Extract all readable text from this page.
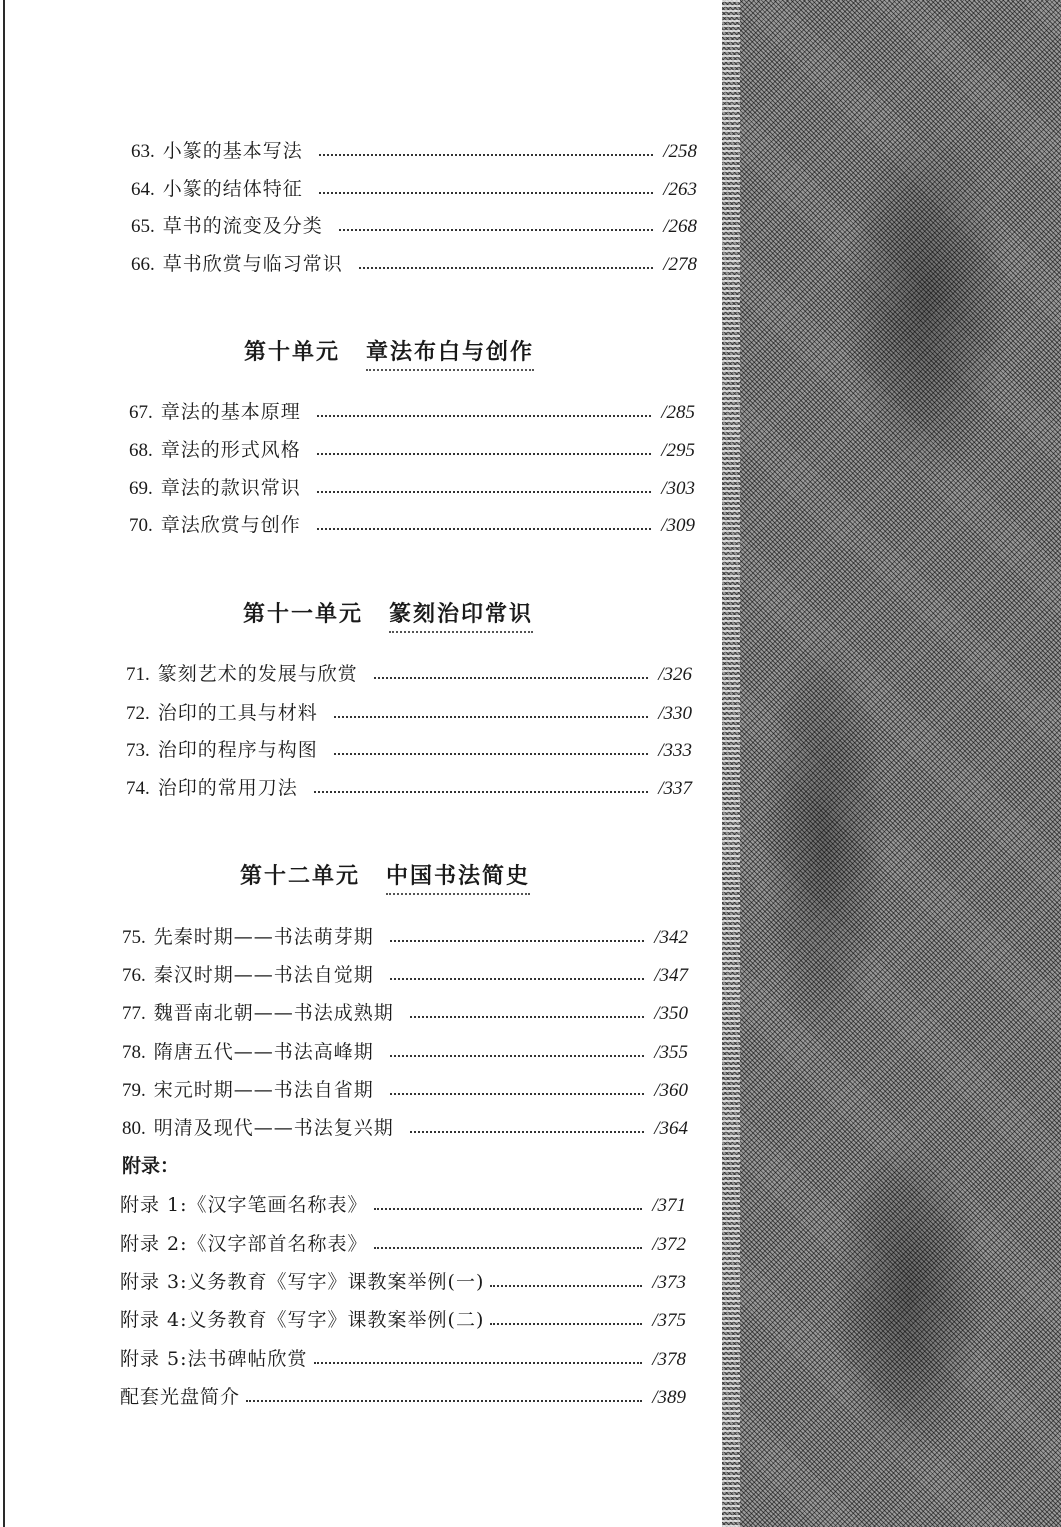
63. 小篆的基本写法	/258
64. 小篆的结体特征	/263
65. 草书的流变及分类	/268
66. 草书欣赏与临习常识	/278
第十单元 章法布白与创作
67. 章法的基本原理	/285
68. 章法的形式风格	/295
69. 章法的款识常识	/303
70. 章法欣赏与创作	/309
第十一单元 篆刻治印常识
71. 篆刻艺术的发展与欣赏	/326
72. 治印的工具与材料	/330
73. 治印的程序与构图	/333
74. 治印的常用刀法	/337
第十二单元 中国书法简史
75. 先秦时期——书法萌芽期	/342
76. 秦汉时期——书法自觉期	/347
77. 魏晋南北朝——书法成熟期	/350
78. 隋唐五代——书法高峰期	/355
79. 宋元时期——书法自省期	/360
80. 明清及现代——书法复兴期	/364
附录：
附录 1:《汉字笔画名称表》	/371
附录 2:《汉字部首名称表》	/372
附录 3:义务教育《写字》课教案举例(一)	/373
附录 4:义务教育《写字》课教案举例(二)	/375
附录 5:法书碑帖欣赏	/378
配套光盘简介	/389
